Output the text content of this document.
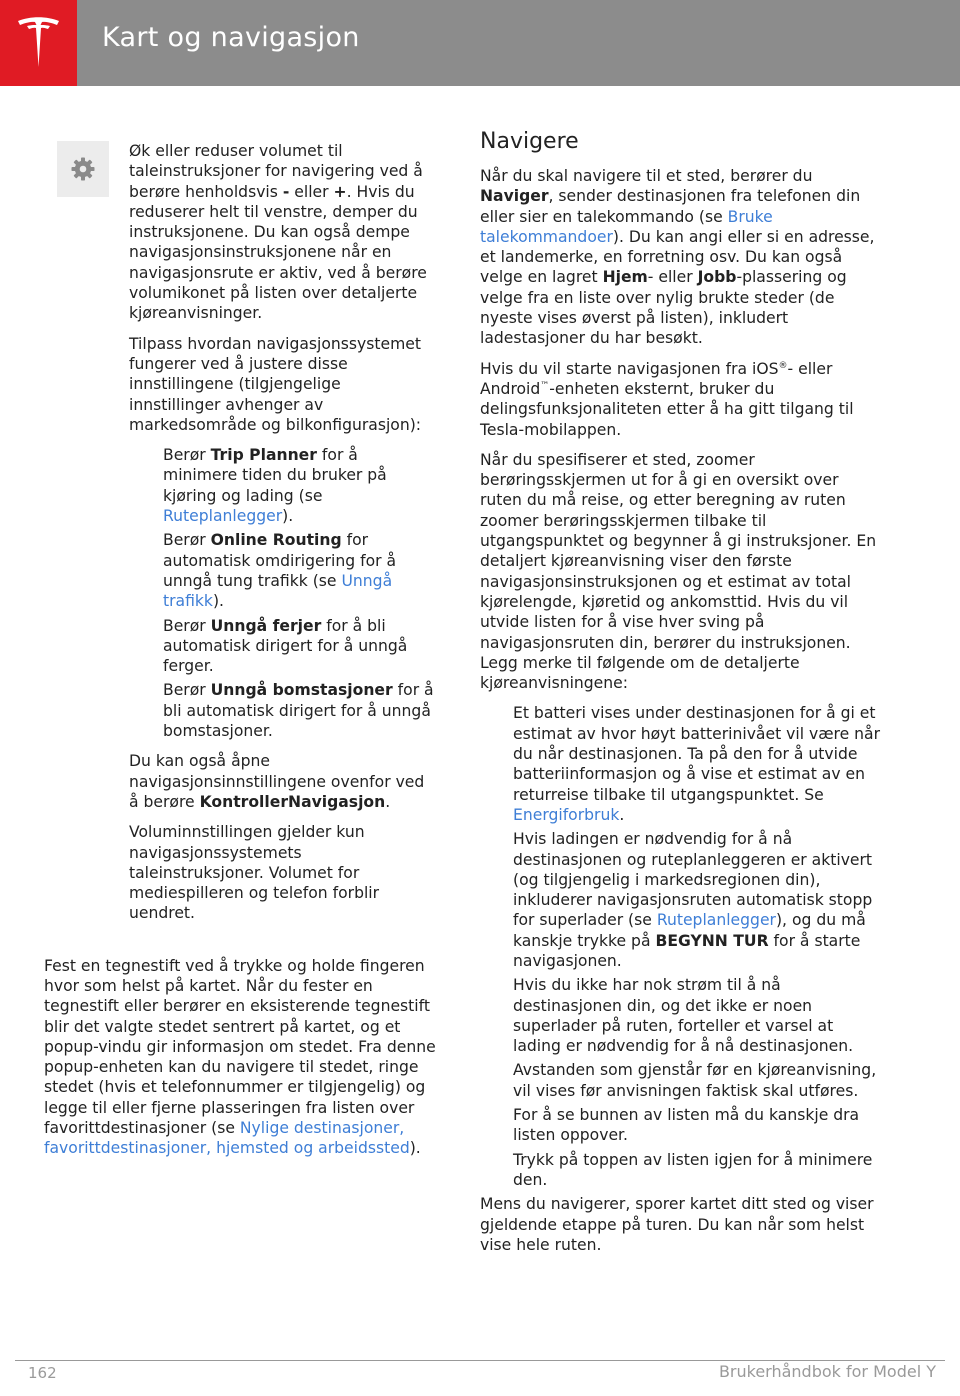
Kart og navigasjon

Øk eller reduser volumet til taleinstruksjoner for navigering ved å berøre henholdsvis - eller +. Hvis du reduserer helt til venstre, demper du instruksjonene. Du kan også dempe navigasjonsinstruksjonene når en navigasjonsrute er aktiv, ved å berøre volumikonet på listen over detaljerte kjøreanvisninger.

Tilpass hvordan navigasjonssystemet fungerer ved å justere disse innstillingene (tilgjengelige innstillinger avhenger av markedsområde og bilkonfigurasjon):

Berør Trip Planner for å minimere tiden du bruker på kjøring og lading (se Ruteplanlegger).

Berør Online Routing for automatisk omdirigering for å unngå tung trafikk (se Unngå trafikk).

Berør Unngå ferjer for å bli automatisk dirigert for å unngå ferger.

Berør Unngå bomstasjoner for å bli automatisk dirigert for å unngå bomstasjoner.

Du kan også åpne navigasjonsinnstillingene ovenfor ved å berøre KontrollerNavigasjon.

Voluminnstillingen gjelder kun navigasjonssystemets taleinstruksjoner. Volumet for mediespilleren og telefon forblir uendret.

Fest en tegnestift ved å trykke og holde fingeren hvor som helst på kartet. Når du fester en tegnestift eller berører en eksisterende tegnestift blir det valgte stedet sentrert på kartet, og et popup-vindu gir informasjon om stedet. Fra denne popup-enheten kan du navigere til stedet, ringe stedet (hvis et telefonnummer er tilgjengelig) og legge til eller fjerne plasseringen fra listen over favorittdestinasjoner (se Nylige destinasjoner, favorittdestinasjoner, hjemsted og arbeidssted).

Navigere

Når du skal navigere til et sted, berører du Naviger, sender destinasjonen fra telefonen din eller sier en talekommando (se Bruke talekommandoer). Du kan angi eller si en adresse, et landemerke, en forretning osv. Du kan også velge en lagret Hjem- eller Jobb-plassering og velge fra en liste over nylig brukte steder (de nyeste vises øverst på listen), inkludert ladestasjoner du har besøkt.

Hvis du vil starte navigasjonen fra iOS®- eller Android™-enheten eksternt, bruker du delingsfunksjonaliteten etter å ha gitt tilgang til Tesla-mobilappen.

Når du spesifiserer et sted, zoomer berøringsskjermen ut for å gi en oversikt over ruten du må reise, og etter beregning av ruten zoomer berøringsskjermen tilbake til utgangspunktet og begynner å gi instruksjoner. En detaljert kjøreanvisning viser den første navigasjonsinstruksjonen og et estimat av total kjørelengde, kjøretid og ankomsttid. Hvis du vil utvide listen for å vise hver sving på navigasjonsruten din, berører du instruksjonen. Legg merke til følgende om de detaljerte kjøreanvisningene:

Et batteri vises under destinasjonen for å gi et estimat av hvor høyt batterinivået vil være når du når destinasjonen. Ta på den for å utvide batteriinformasjon og å vise et estimat av en returreise tilbake til utgangspunktet. Se Energiforbruk.

Hvis ladingen er nødvendig for å nå destinasjonen og ruteplanleggeren er aktivert (og tilgjengelig i markedsregionen din), inkluderer navigasjonsruten automatisk stopp for superlader (se Ruteplanlegger), og du må kanskje trykke på BEGYNN TUR for å starte navigasjonen.

Hvis du ikke har nok strøm til å nå destinasjonen din, og det ikke er noen superlader på ruten, forteller et varsel at lading er nødvendig for å nå destinasjonen.

Avstanden som gjenstår før en kjøreanvisning, vil vises før anvisningen faktisk skal utføres.

For å se bunnen av listen må du kanskje dra listen oppover.

Trykk på toppen av listen igjen for å minimere den.

Mens du navigerer, sporer kartet ditt sted og viser gjeldende etappe på turen. Du kan når som helst vise hele ruten.

162	Brukerhåndbok for Model Y
